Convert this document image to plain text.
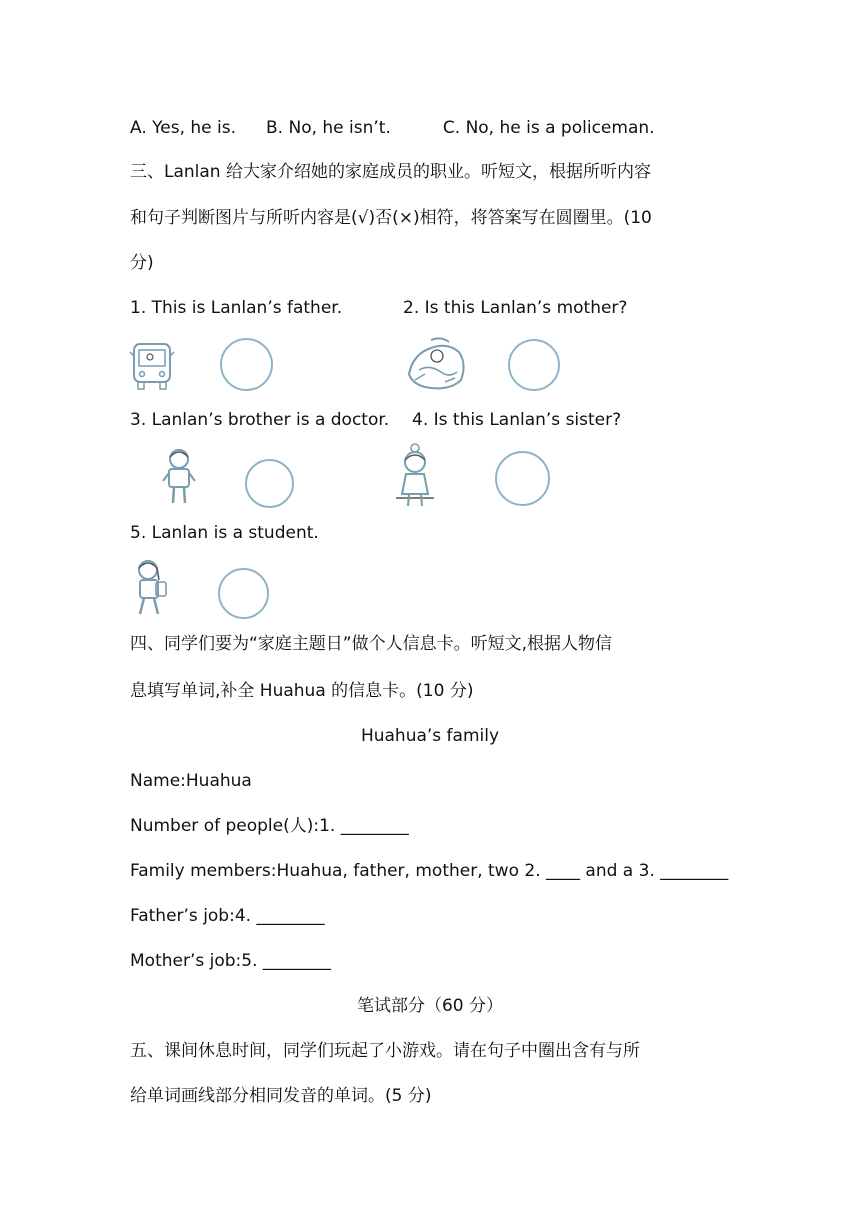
A. Yes, he is. B. No, he isn’t.	C. No, he is a policeman.
三、Lanlan 给大家介绍她的家庭成员的职业。听短文，根据所听内容
和句子判断图片与所听内容是(√)否(×)相符，将答案写在圆圈里。(10
分)
1. This is Lanlan’s father.	2. Is this Lanlan’s mother?
3. Lanlan’s brother is a doctor. 4. Is this Lanlan’s sister?
5. Lanlan is a student.
四、同学们要为“家庭主题日”做个人信息卡。听短文,根据人物信
息填写单词,补全 Huahua 的信息卡。(10 分)
Huahua’s family
Name:Huahua
Number of people(人):1. ________
Family members:Huahua, father, mother, two 2. ____ and a 3. ________
Father’s job:4. ________
Mother’s job:5. ________
笔试部分（60 分）
五、课间休息时间，同学们玩起了小游戏。请在句子中圈出含有与所
给单词画线部分相同发音的单词。(5 分)
